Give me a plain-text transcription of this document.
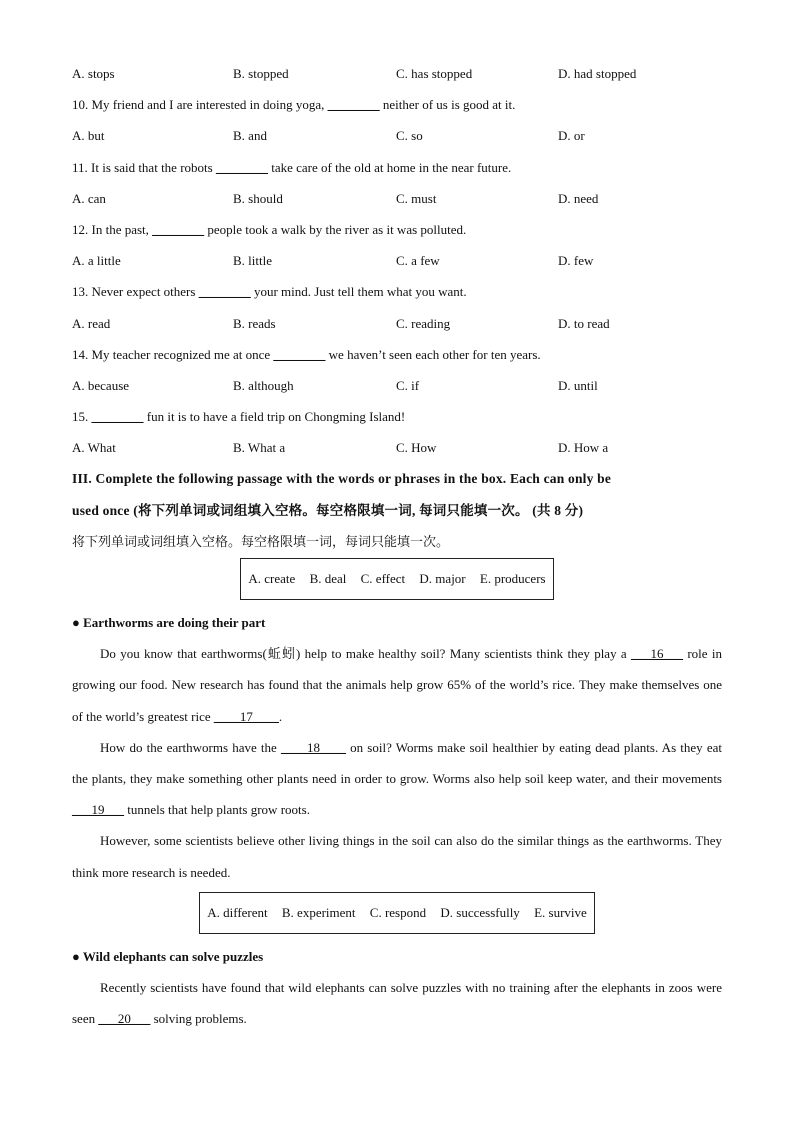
A. stops	B. stopped	C. has stopped	D. had stopped
10. My friend and I are interested in doing yoga, ________ neither of us is good at it.
A. but	B. and	C. so	D. or
11. It is said that the robots ________ take care of the old at home in the near future.
A. can	B. should	C. must	D. need
12. In the past, ________ people took a walk by the river as it was polluted.
A. a little	B. little	C. a few	D. few
13. Never expect others ________ your mind. Just tell them what you want.
A. read	B. reads	C. reading	D. to read
14. My teacher recognized me at once ________ we haven’t seen each other for ten years.
A. because	B. although	C. if	D. until
15. ________ fun it is to have a field trip on Chongming Island!
A. What	B. What a	C. How	D. How a
III. Complete the following passage with the words or phrases in the box. Each can only be
used once (将下列单词或词组填入空格。每空格限填一词, 每词只能填一次。 (共 8 分)
将下列单词或词组填入空格。每空格限填一词，每词只能填一次。
A. create B. deal C. effect D. major E. producers
● Earthworms are doing their part
Do you know that earthworms(蚯蚓) help to make healthy soil? Many scientists think they play a ___16___ role in growing our food. New research has found that the animals help grow 65% of the world’s rice. They make themselves one of the world’s greatest rice ____17____.
How do the earthworms have the ____18____ on soil? Worms make soil healthier by eating dead plants. As they eat the plants, they make something other plants need in order to grow. Worms also help soil keep water, and their movements ___19___ tunnels that help plants grow roots.
However, some scientists believe other living things in the soil can also do the similar things as the earthworms. They think more research is needed.
A. different B. experiment C. respond D. successfully E. survive
● Wild elephants can solve puzzles
Recently scientists have found that wild elephants can solve puzzles with no training after the elephants in zoos were seen ___20___ solving problems.
